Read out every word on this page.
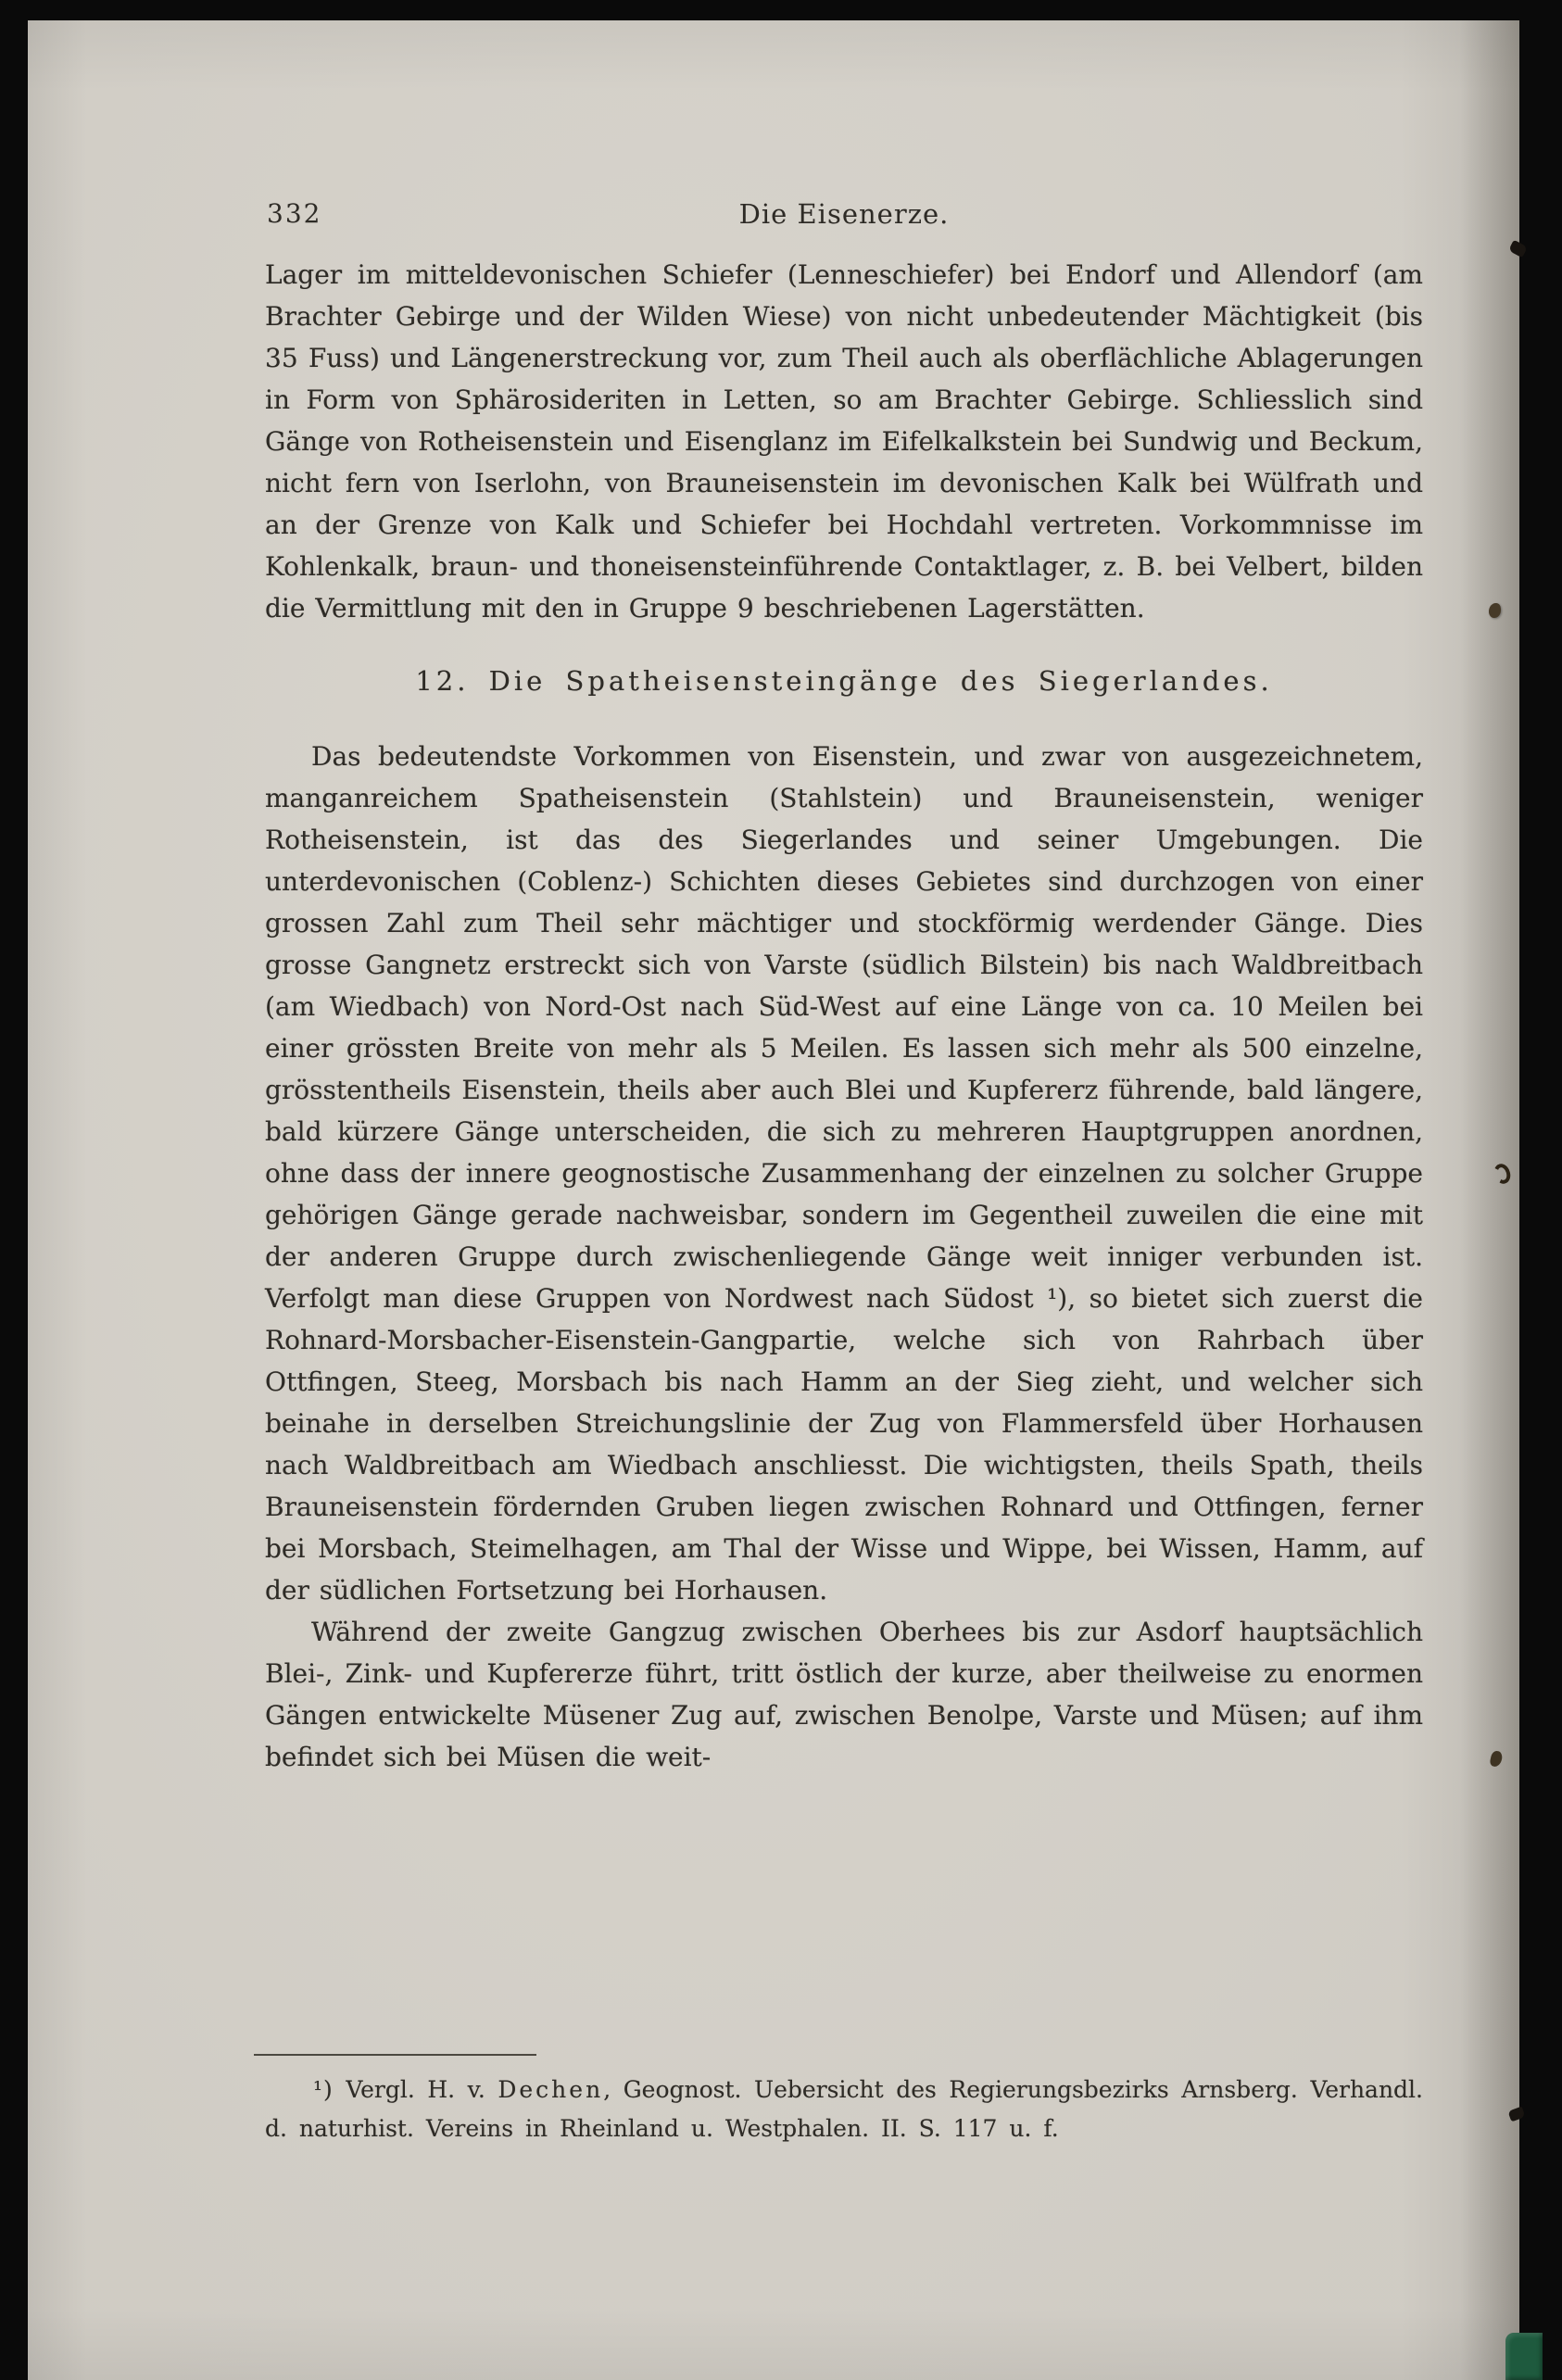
332	Die Eisenerze.

Lager im mitteldevonischen Schiefer (Lenneschiefer) bei Endorf und Allendorf (am Brachter Gebirge und der Wilden Wiese) von nicht unbedeutender Mächtigkeit (bis 35 Fuss) und Längenerstreckung vor, zum Theil auch als oberflächliche Ablagerungen in Form von Sphärosideriten in Letten, so am Brachter Gebirge. Schliesslich sind Gänge von Rotheisenstein und Eisenglanz im Eifelkalkstein bei Sundwig und Beckum, nicht fern von Iserlohn, von Brauneisenstein im devonischen Kalk bei Wülfrath und an der Grenze von Kalk und Schiefer bei Hochdahl vertreten. Vorkommnisse im Kohlenkalk, braun- und thoneisensteinführende Contaktlager, z. B. bei Velbert, bilden die Vermittlung mit den in Gruppe 9 beschriebenen Lagerstätten.

12. Die Spatheisensteingänge des Siegerlandes.

Das bedeutendste Vorkommen von Eisenstein, und zwar von ausgezeichnetem, manganreichem Spatheisenstein (Stahlstein) und Brauneisenstein, weniger Rotheisenstein, ist das des Siegerlandes und seiner Umgebungen. Die unterdevonischen (Coblenz-) Schichten dieses Gebietes sind durchzogen von einer grossen Zahl zum Theil sehr mächtiger und stockförmig werdender Gänge. Dies grosse Gangnetz erstreckt sich von Varste (südlich Bilstein) bis nach Waldbreitbach (am Wiedbach) von Nord-Ost nach Süd-West auf eine Länge von ca. 10 Meilen bei einer grössten Breite von mehr als 5 Meilen. Es lassen sich mehr als 500 einzelne, grösstentheils Eisenstein, theils aber auch Blei und Kupfererz führende, bald längere, bald kürzere Gänge unterscheiden, die sich zu mehreren Hauptgruppen anordnen, ohne dass der innere geognostische Zusammenhang der einzelnen zu solcher Gruppe gehörigen Gänge gerade nachweisbar, sondern im Gegentheil zuweilen die eine mit der anderen Gruppe durch zwischenliegende Gänge weit inniger verbunden ist. Verfolgt man diese Gruppen von Nordwest nach Südost ¹), so bietet sich zuerst die Rohnard-Morsbacher-Eisenstein-Gangpartie, welche sich von Rahrbach über Ottfingen, Steeg, Morsbach bis nach Hamm an der Sieg zieht, und welcher sich beinahe in derselben Streichungslinie der Zug von Flammersfeld über Horhausen nach Waldbreitbach am Wiedbach anschliesst. Die wichtigsten, theils Spath, theils Brauneisenstein fördernden Gruben liegen zwischen Rohnard und Ottfingen, ferner bei Morsbach, Steimelhagen, am Thal der Wisse und Wippe, bei Wissen, Hamm, auf der südlichen Fortsetzung bei Horhausen.

Während der zweite Gangzug zwischen Oberhees bis zur Asdorf hauptsächlich Blei-, Zink- und Kupfererze führt, tritt östlich der kurze, aber theilweise zu enormen Gängen entwickelte Müsener Zug auf, zwischen Benolpe, Varste und Müsen; auf ihm befindet sich bei Müsen die weit-

¹) Vergl. H. v. Dechen, Geognost. Uebersicht des Regierungsbezirks Arnsberg. Verhandl. d. naturhist. Vereins in Rheinland u. Westphalen. II. S. 117 u. f.
